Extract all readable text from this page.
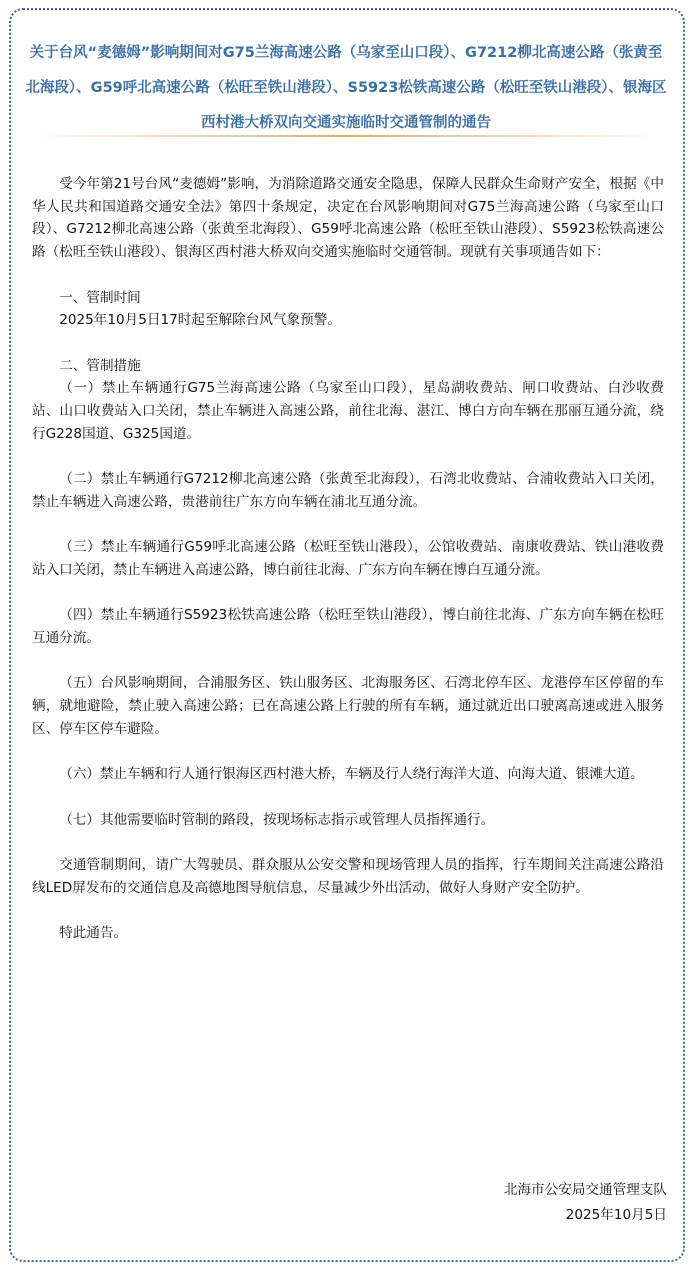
关于台风“麦德姆”影响期间对G75兰海高速公路（乌家至山口段）、G7212柳北高速公路（张黄至北海段）、G59呼北高速公路（松旺至铁山港段）、S5923松铁高速公路（松旺至铁山港段）、银海区西村港大桥双向交通实施临时交通管制的通告

受今年第21号台风“麦德姆”影响，为消除道路交通安全隐患，保障人民群众生命财产安全，根据《中华人民共和国道路交通安全法》第四十条规定，决定在台风影响期间对G75兰海高速公路（乌家至山口段）、G7212柳北高速公路（张黄至北海段）、G59呼北高速公路（松旺至铁山港段）、S5923松铁高速公路（松旺至铁山港段）、银海区西村港大桥双向交通实施临时交通管制。现就有关事项通告如下：

一、管制时间

2025年10月5日17时起至解除台风气象预警。

二、管制措施

（一）禁止车辆通行G75兰海高速公路（乌家至山口段），星岛湖收费站、闸口收费站、白沙收费站、山口收费站入口关闭，禁止车辆进入高速公路，前往北海、湛江、博白方向车辆在那丽互通分流，绕行G228国道、G325国道。

（二）禁止车辆通行G7212柳北高速公路（张黄至北海段），石湾北收费站、合浦收费站入口关闭，禁止车辆进入高速公路，贵港前往广东方向车辆在浦北互通分流。

（三）禁止车辆通行G59呼北高速公路（松旺至铁山港段），公馆收费站、南康收费站、铁山港收费站入口关闭，禁止车辆进入高速公路，博白前往北海、广东方向车辆在博白互通分流。

（四）禁止车辆通行S5923松铁高速公路（松旺至铁山港段），博白前往北海、广东方向车辆在松旺互通分流。

（五）台风影响期间，合浦服务区、铁山服务区、北海服务区、石湾北停车区、龙港停车区停留的车辆，就地避险，禁止驶入高速公路；已在高速公路上行驶的所有车辆，通过就近出口驶离高速或进入服务区、停车区停车避险。

（六）禁止车辆和行人通行银海区西村港大桥，车辆及行人绕行海洋大道、向海大道、银滩大道。

（七）其他需要临时管制的路段，按现场标志指示或管理人员指挥通行。

交通管制期间，请广大驾驶员、群众服从公安交警和现场管理人员的指挥，行车期间关注高速公路沿线LED屏发布的交通信息及高德地图导航信息，尽量减少外出活动，做好人身财产安全防护。

特此通告。

北海市公安局交通管理支队
2025年10月5日
